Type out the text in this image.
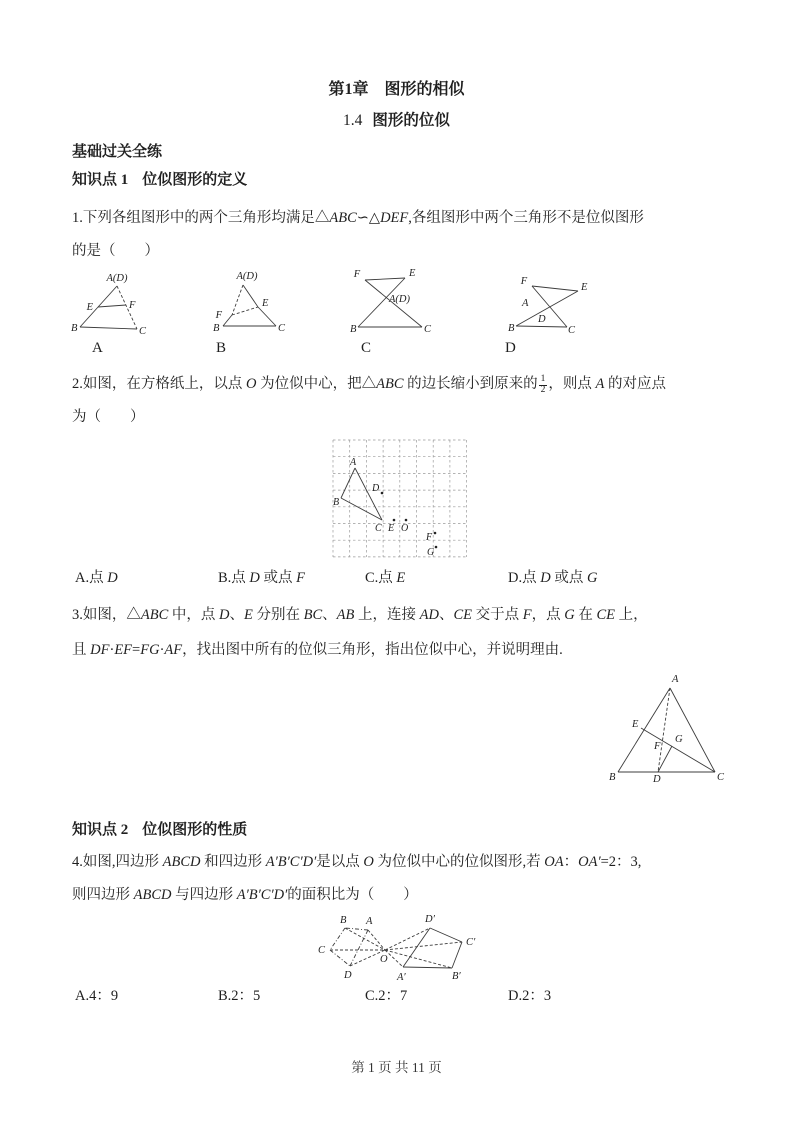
第1章　图形的相似
1.4 图形的位似
基础过关全练
知识点 1 位似图形的定义
1.下列各组图形中的两个三角形均满足△ABC∽△DEF,各组图形中两个三角形不是位似图形
的是（　　）
A(D)
E	F
B	C
A(D)
F
E
B	C
F	E
A(D)
B	C
F
E
A
D
B	C
A	B	C	D
2.如图，在方格纸上，以点 O 为位似中心，把△ABC 的边长缩小到原来的 $\frac{1}{2}$ ，则点 A 的对应点
为（　　）
A
B
C
D
E O
F
G
A.点 D	B.点 D 或点 F	C.点 E	D.点 D 或点 G
3.如图，△ABC 中，点 D、E 分别在 BC、AB 上，连接 AD、CE 交于点 F，点 G 在 CE 上，
且 DF·EF=FG·AF，找出图中所有的位似三角形，指出位似中心，并说明理由.
A
B	C
D
E
F
G
知识点 2 位似图形的性质
4.如图,四边形 ABCD 和四边形 A′B′C′D′是以点 O 为位似中心的位似图形,若 OA：OA′=2：3,
则四边形 ABCD 与四边形 A′B′C′D′的面积比为（　　）
B A
C
D
O
D′
C′
A′	B′
A.4：9	B.2：5	C.2：7	D.2：3
第 1 页 共 11 页
